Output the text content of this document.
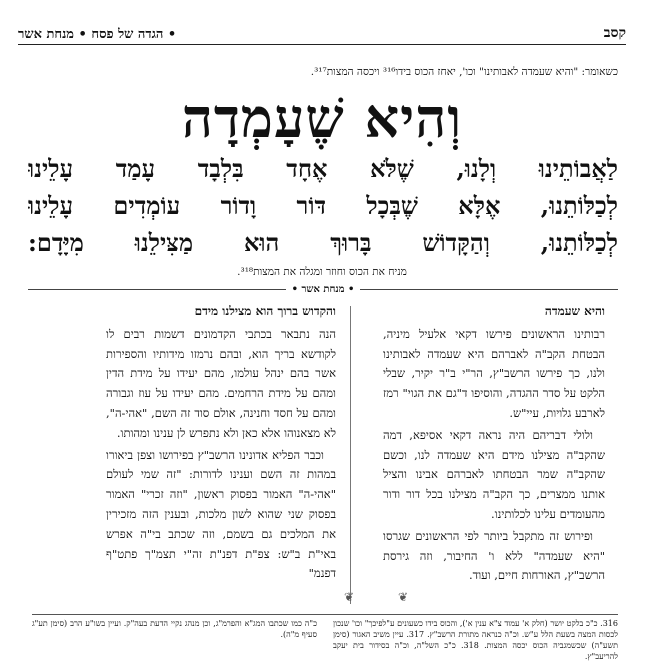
קסב
• הגדה של פסח • מנחת אשר
כשאומר: "והיא שעמדה לאבותינו" וכו', יאחז הכוס בידו³¹⁶ ויכסה המצות³¹⁷.
וְהִיא שֶׁעָמְדָה
לַאֲבוֹתֵינוּ וְלָנוּ, שֶׁלֹּא אֶחָד בִּלְבָד עָמַד עָלֵינוּ
לְכַלּוֹתֵנוּ, אֶלָּא שֶׁבְּכָל דּוֹר וָדוֹר עוֹמְדִים עָלֵינוּ
לְכַלּוֹתֵנוּ, וְהַקָּדוֹשׁ בָּרוּךְ הוּא מַצִּילֵנוּ מִיָּדָם:
מניח את הכוס וחוזר ומגלה את המצות³¹⁸.
• מנחת אשר •
והיא שעמדה

רבותינו הראשונים פירשו דקאי אלעיל מיניה, הבטחת הקב"ה לאברהם היא שעמדה לאבותינו ולנו, כך פירשו הרשב"ץ, הר"י ב"ר יקיר, שבלי הלקט על סדר ההגדה, והוסיפו ד"גם את הגוי" רמז לארבע גלויות, עיי"ש.

ולולי דבריהם היה נראה דקאי אסיפא, דמה שהקב"ה מצילנו מידם היא שעמדה לנו, וכשם שהקב"ה שמר הבטחתו לאברהם אבינו והציל אותנו ממצרים, כך הקב"ה מצילנו בכל דור ודור מהעומדים עלינו לכלותינו.

ופירוש זה מתקבל ביותר לפי הראשונים שגרסו "היא שעמדה" ללא ו' החיבור, וזה גירסת הרשב"ץ, האורחות חיים, ועוד.

❦	❦
והקדוש ברוך הוא מצילנו מידם

הנה נתבאר בכתבי הקדמונים דשמות רבים לו לקודשא בריך הוא, ובהם נרמזו מידותיו והספירות אשר בהם ינהל עולמו, מהם יעידו על מידת הדין ומהם על מידת הרחמים. מהם יעידו על עוז וגבורה ומהם על חסד וחנינה, אולם סוד זה השם, "אהי-ה", לא מצאנוהו אלא כאן ולא נתפרש לן ענינו ומהותו.

וכבר הפליא אדונינו הרשב"ץ בפירושו וצפן ביאורו במהות זה השם וענינו לדורות: "זה שמי לעולם "אהי-ה" האמור בפסוק ראשון, "וזה זכרי" האמור בפסוק שני שהוא לשון מלכות, ובענין הזה מזכירין את המלכים גם בשמם, וזה שכתב בי"ה אפרש באי"ת ב"ש: צפ"ת דפנ"ת זה"י תצמ"ך פתט"ף דפנמ"

316. כ"כ בלקט יושר (חלק א' עמוד צ"א ענין א'), והכוס בידו כשעונים ע"לפיכך" וכו' שנכון לכסות המצה בשעת הלל ע"ש. וכ"ה כנראה מתורת הרשב"ץ. 317. עיין משיב האגור (סימן תשע"ה) שכשמגביה הכוס יכסה המצות. 318. כ"כ השל"ה, וכ"ה בסידור בית יעקב להריעב"ץ.
כ"ה כמו שכתבו המג"א והפרמ"ג, וכן מנהג נקיי הדעת בעה"ק. ועיין בשו"ע הרב (סימן תע"ג סעיף מ"ה).
